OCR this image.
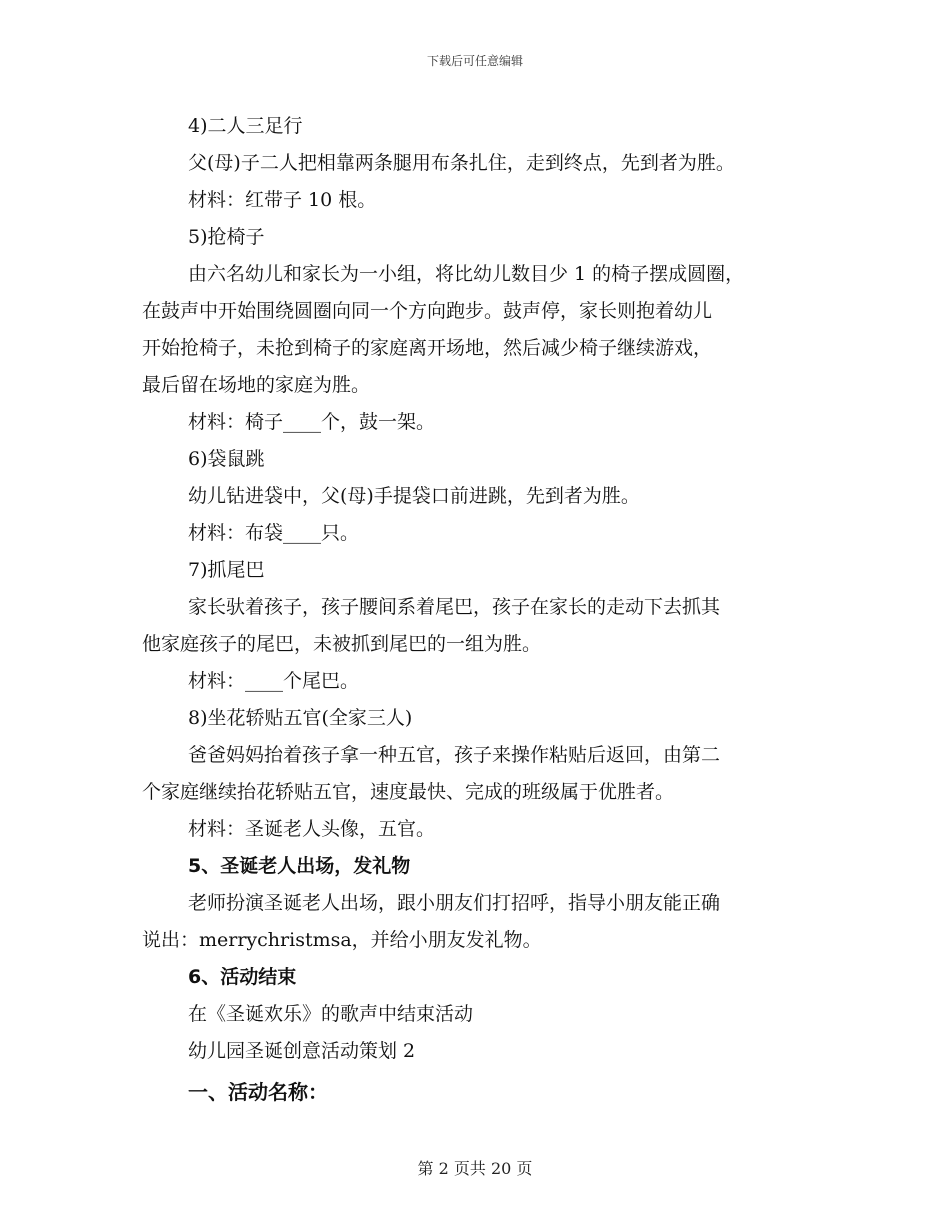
下载后可任意编辑
4)二人三足行
父(母)子二人把相靠两条腿用布条扎住，走到终点，先到者为胜。
材料：红带子 10 根。
5)抢椅子
由六名幼儿和家长为一小组，将比幼儿数目少 1 的椅子摆成圆圈，
在鼓声中开始围绕圆圈向同一个方向跑步。鼓声停，家长则抱着幼儿
开始抢椅子，未抢到椅子的家庭离开场地，然后减少椅子继续游戏，
最后留在场地的家庭为胜。
材料：椅子____个，鼓一架。
6)袋鼠跳
幼儿钻进袋中，父(母)手提袋口前进跳，先到者为胜。
材料：布袋____只。
7)抓尾巴
家长驮着孩子，孩子腰间系着尾巴，孩子在家长的走动下去抓其
他家庭孩子的尾巴，未被抓到尾巴的一组为胜。
材料：____个尾巴。
8)坐花轿贴五官(全家三人)
爸爸妈妈抬着孩子拿一种五官，孩子来操作粘贴后返回，由第二
个家庭继续抬花轿贴五官，速度最快、完成的班级属于优胜者。
材料：圣诞老人头像，五官。
5、圣诞老人出场，发礼物
老师扮演圣诞老人出场，跟小朋友们打招呼，指导小朋友能正确
说出：merrychristmsa，并给小朋友发礼物。
6、活动结束
在《圣诞欢乐》的歌声中结束活动
幼儿园圣诞创意活动策划 2
一、活动名称：
第 2 页共 20 页
